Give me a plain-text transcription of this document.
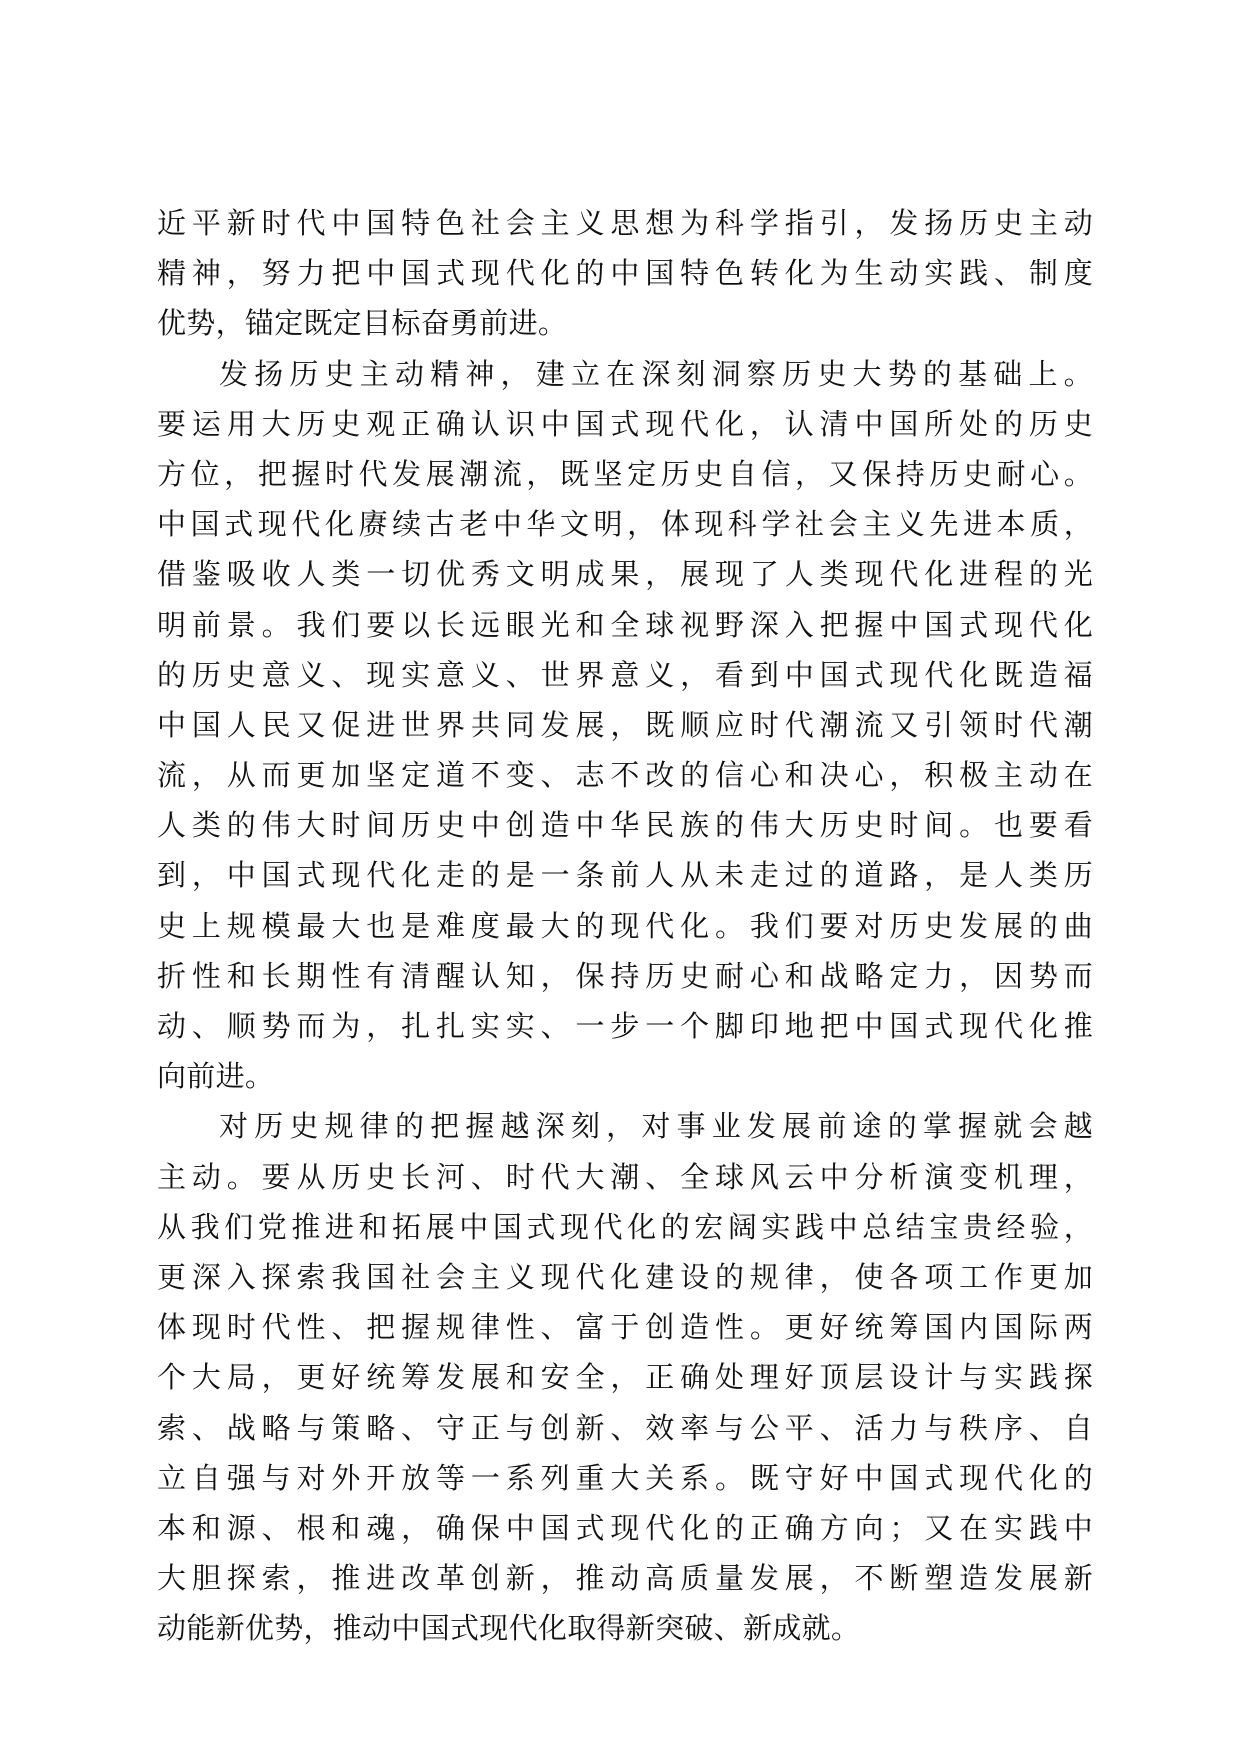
近平新时代中国特色社会主义思想为科学指引，发扬历史主动
精神，努力把中国式现代化的中国特色转化为生动实践、制度
优势，锚定既定目标奋勇前进。
发扬历史主动精神，建立在深刻洞察历史大势的基础上。
要运用大历史观正确认识中国式现代化，认清中国所处的历史
方位，把握时代发展潮流，既坚定历史自信，又保持历史耐心。
中国式现代化赓续古老中华文明，体现科学社会主义先进本质，
借鉴吸收人类一切优秀文明成果，展现了人类现代化进程的光
明前景。我们要以长远眼光和全球视野深入把握中国式现代化
的历史意义、现实意义、世界意义，看到中国式现代化既造福
中国人民又促进世界共同发展，既顺应时代潮流又引领时代潮
流，从而更加坚定道不变、志不改的信心和决心，积极主动在
人类的伟大时间历史中创造中华民族的伟大历史时间。也要看
到，中国式现代化走的是一条前人从未走过的道路，是人类历
史上规模最大也是难度最大的现代化。我们要对历史发展的曲
折性和长期性有清醒认知，保持历史耐心和战略定力，因势而
动、顺势而为，扎扎实实、一步一个脚印地把中国式现代化推
向前进。
对历史规律的把握越深刻，对事业发展前途的掌握就会越
主动。要从历史长河、时代大潮、全球风云中分析演变机理，
从我们党推进和拓展中国式现代化的宏阔实践中总结宝贵经验，
更深入探索我国社会主义现代化建设的规律，使各项工作更加
体现时代性、把握规律性、富于创造性。更好统筹国内国际两
个大局，更好统筹发展和安全，正确处理好顶层设计与实践探
索、战略与策略、守正与创新、效率与公平、活力与秩序、自
立自强与对外开放等一系列重大关系。既守好中国式现代化的
本和源、根和魂，确保中国式现代化的正确方向；又在实践中
大胆探索，推进改革创新，推动高质量发展，不断塑造发展新
动能新优势，推动中国式现代化取得新突破、新成就。
